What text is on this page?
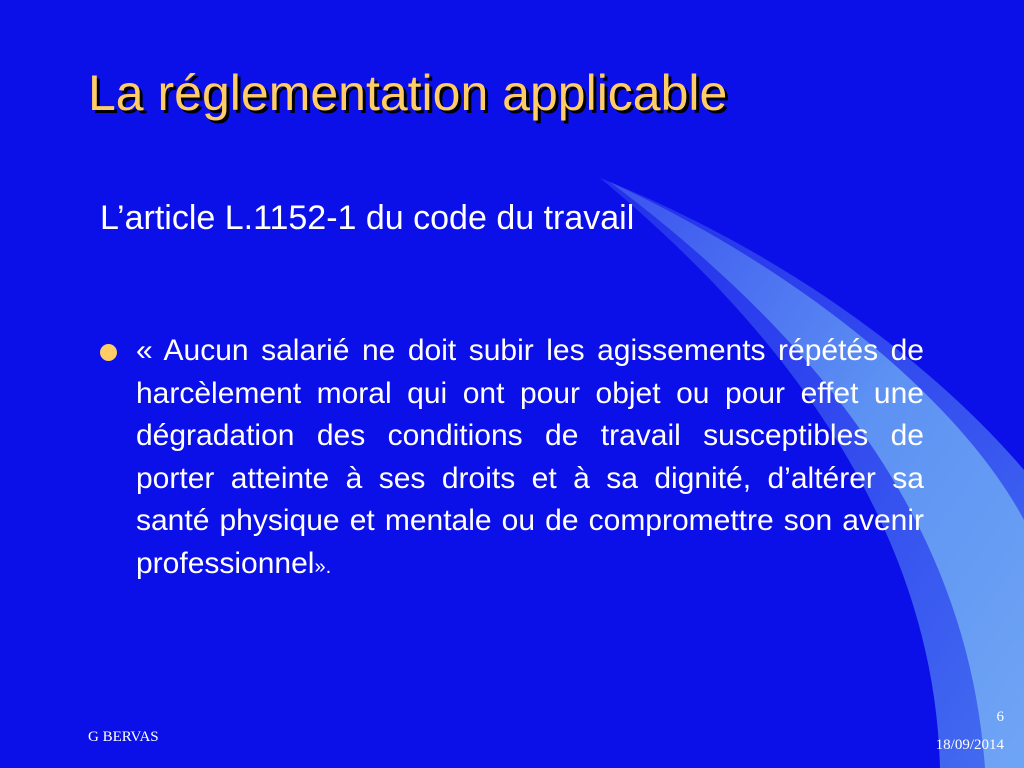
La réglementation applicable
L’article L.1152-1 du code du travail
« Aucun salarié ne doit subir les agissements répétés de harcèlement moral qui ont pour objet ou pour effet une dégradation des conditions de travail susceptibles de porter atteinte à ses droits et à sa dignité, d’altérer sa santé physique et mentale ou de compromettre son avenir professionnel».
G BERVAS
6
18/09/2014
